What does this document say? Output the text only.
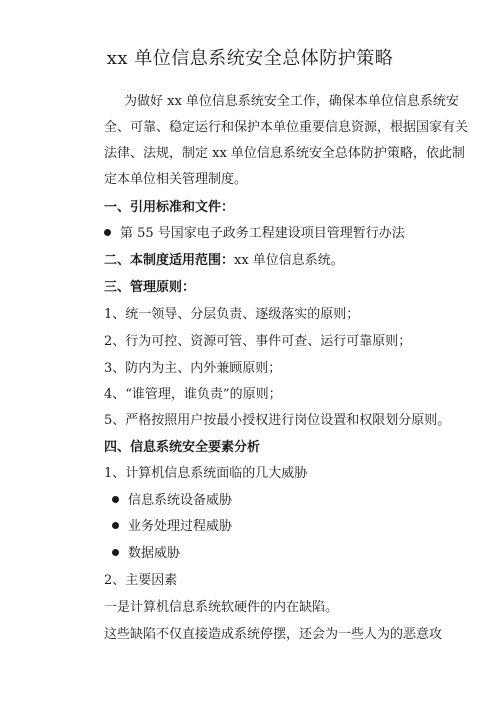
xx 单位信息系统安全总体防护策略
为做好 xx 单位信息系统安全工作，确保本单位信息系统安
全、可靠、稳定运行和保护本单位重要信息资源，根据国家有关
法律、法规，制定 xx 单位信息系统安全总体防护策略，依此制
定本单位相关管理制度。
一、引用标准和文件：
第 55 号国家电子政务工程建设项目管理暂行办法
二、本制度适用范围：xx 单位信息系统。
三、管理原则：
1、统一领导、分层负责、逐级落实的原则；
2、行为可控、资源可管、事件可查、运行可靠原则；
3、防内为主、内外兼顾原则；
4、“谁管理，谁负责”的原则；
5、严格按照用户按最小授权进行岗位设置和权限划分原则。
四、信息系统安全要素分析
1、计算机信息系统面临的几大威胁
信息系统设备威胁
业务处理过程威胁
数据威胁
2、主要因素
一是计算机信息系统软硬件的内在缺陷。
这些缺陷不仅直接造成系统停摆，还会为一些人为的恶意攻
